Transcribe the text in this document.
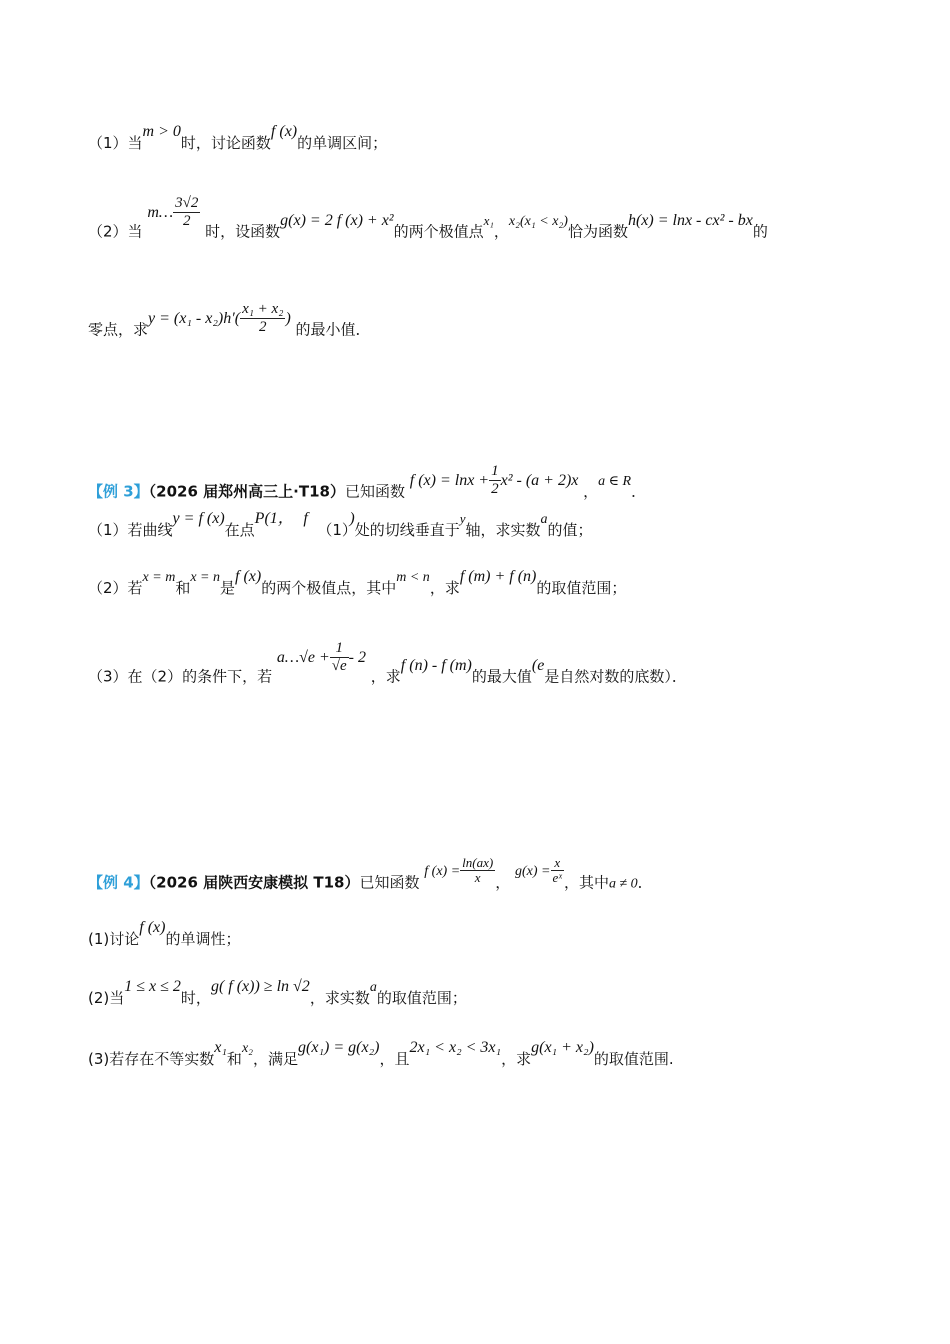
（1）当m > 0时，讨论函数f (x)的单调区间；
（2）当 m… $\frac{3√2}{2}$
时，设函数g(x) = 2 f (x) + x²的两个极值点x₁，x₂(x₁ < x₂)恰为函数h(x) = lnx - cx² - bx的
零点，求$y = (x_1 - x_2)h'( \frac{\text{x₁ + x₂}}{2}$ ) 的最小值．
【例 3】（2026 届郑州高三上·T18）已知函数 f $(x) = \ln x + \frac{1}{2} x^2 - (a + 2)x$ ，a ∈ R．
（1）若曲线y = f (x)在点P(1， f  （1）)处的切线垂直于y轴，求实数a的值；
（2）若x = m和x = n是f (x)的两个极值点，其中m < n，求f (m) + f (n)的取值范围；
（3）在（2）的条件下，若 a…√e + $\frac{1}{√e} - 2$ ，求f (n) - f (m)的最大值(e是自然对数的底数）．
【例 4】（2026 届陕西安康模拟 T18）已知函数 f $(x) = \frac{\ln(ax)}{x}$ ， $g(x) = \frac{x}{\text{eˣ}}$ ，其中a ≠ 0．
(1)讨论f (x)的单调性；
(2)当1 ≤ x ≤ 2时，g( f (x)) ≥ ln √2，求实数a的取值范围；
(3)若存在不等实数x₁和x₂，满足g(x₁) = g(x₂)，且2x₁ < x₂ < 3x₁，求g(x₁ + x₂)的取值范围.
